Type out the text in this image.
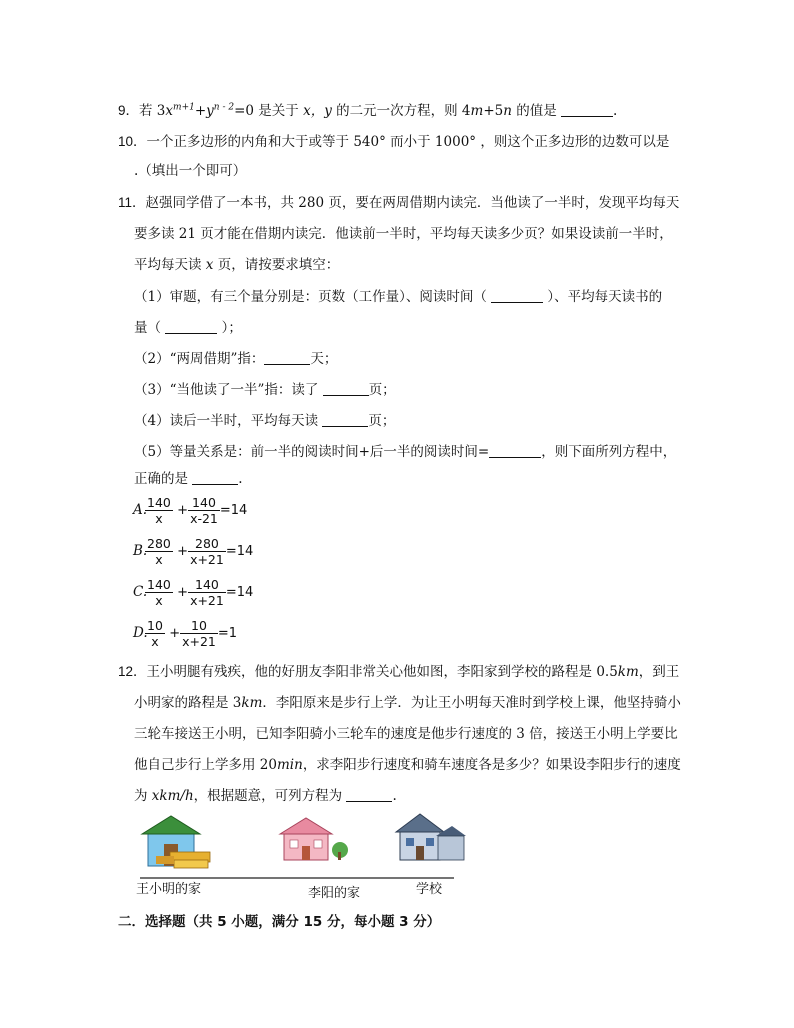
9．若 $3x^{m+1}+y^{n - 2}=0$ 是关于 x，y 的二元一次方程，则 4m+5n 的值是	.
10．一个正多边形的内角和大于或等于 540° 而小于 1000° ，则这个正多边形的边数可以是
.（填出一个即可）
11．赵强同学借了一本书，共 280 页，要在两周借期内读完．当他读了一半时，发现平均每天
要多读 21 页才能在借期内读完．他读前一半时，平均每天读多少页？如果设读前一半时，
平均每天读 x 页，请按要求填空：
（1）审题，有三个量分别是：页数（工作量）、阅读时间（	）、平均每天读书的
量（	）；
（2）“两周借期”指：	天；
（3）“当他读了一半”指：读了	页；
（4）读后一半时，平均每天读	页；
（5）等量关系是：前一半的阅读时间+后一半的阅读时间=	，则下面所列方程中，
正确的是	.
A.
$\frac{140}{x} + \frac{140}{x-21} =14$
B.
$\frac{280}{x} + \frac{280}{x+21} =14$
C.
$\frac{140}{x} + \frac{140}{x+21} =14$
D.
$\frac{10}{x} + \frac{10}{x+21} =1$
12．王小明腿有残疾，他的好朋友李阳非常关心他如图，李阳家到学校的路程是 0.5km，到王
小明家的路程是 3km．李阳原来是步行上学．为让王小明每天准时到学校上课，他坚持骑小
三轮车接送王小明，已知李阳骑小三轮车的速度是他步行速度的 3 倍，接送王小明上学要比
他自己步行上学多用 20min，求李阳步行速度和骑车速度各是多少？如果设李阳步行的速度
为 xkm/h，根据题意，可列方程为	.
王小明的家	李阳的家	学校
二．选择题（共 5 小题，满分 15 分，每小题 3 分）
